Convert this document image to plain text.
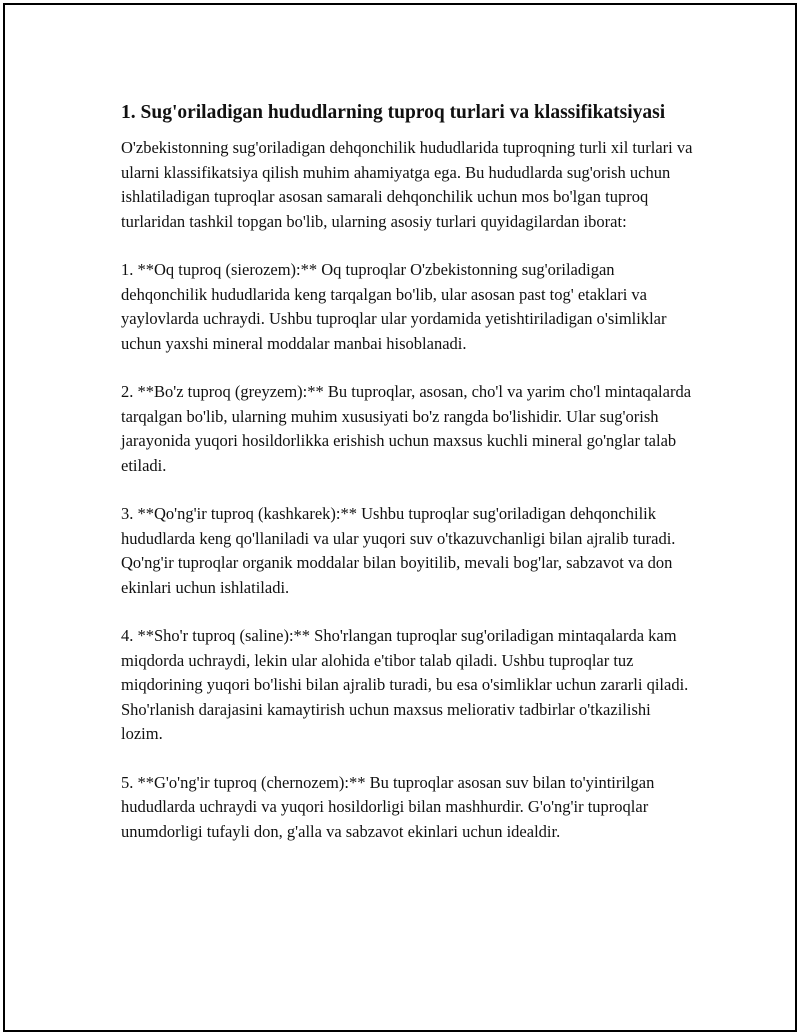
1. Sug'oriladigan hududlarning tuproq turlari va klassifikatsiyasi

O'zbekistonning sug'oriladigan dehqonchilik hududlarida tuproqning turli xil turlari va ularni klassifikatsiya qilish muhim ahamiyatga ega. Bu hududlarda sug'orish uchun ishlatiladigan tuproqlar asosan samarali dehqonchilik uchun mos bo'lgan tuproq turlaridan tashkil topgan bo'lib, ularning asosiy turlari quyidagilardan iborat:

1. **Oq tuproq (sierozem):** Oq tuproqlar O'zbekistonning sug'oriladigan dehqonchilik hududlarida keng tarqalgan bo'lib, ular asosan past tog' etaklari va yaylovlarda uchraydi. Ushbu tuproqlar ular yordamida yetishtiriladigan o'simliklar uchun yaxshi mineral moddalar manbai hisoblanadi.

2. **Bo'z tuproq (greyzem):** Bu tuproqlar, asosan, cho'l va yarim cho'l mintaqalarda tarqalgan bo'lib, ularning muhim xususiyati bo'z rangda bo'lishidir. Ular sug'orish jarayonida yuqori hosildorlikka erishish uchun maxsus kuchli mineral go'nglar talab etiladi.

3. **Qo'ng'ir tuproq (kashkarek):** Ushbu tuproqlar sug'oriladigan dehqonchilik hududlarda keng qo'llaniladi va ular yuqori suv o'tkazuvchanligi bilan ajralib turadi. Qo'ng'ir tuproqlar organik moddalar bilan boyitilib, mevali bog'lar, sabzavot va don ekinlari uchun ishlatiladi.

4. **Sho'r tuproq (saline):** Sho'rlangan tuproqlar sug'oriladigan mintaqalarda kam miqdorda uchraydi, lekin ular alohida e'tibor talab qiladi. Ushbu tuproqlar tuz miqdorining yuqori bo'lishi bilan ajralib turadi, bu esa o'simliklar uchun zararli qiladi. Sho'rlanish darajasini kamaytirish uchun maxsus meliorativ tadbirlar o'tkazilishi lozim.

5. **G'o'ng'ir tuproq (chernozem):** Bu tuproqlar asosan suv bilan to'yintirilgan hududlarda uchraydi va yuqori hosildorligi bilan mashhurdir. G'o'ng'ir tuproqlar unumdorligi tufayli don, g'alla va sabzavot ekinlari uchun idealdir.
